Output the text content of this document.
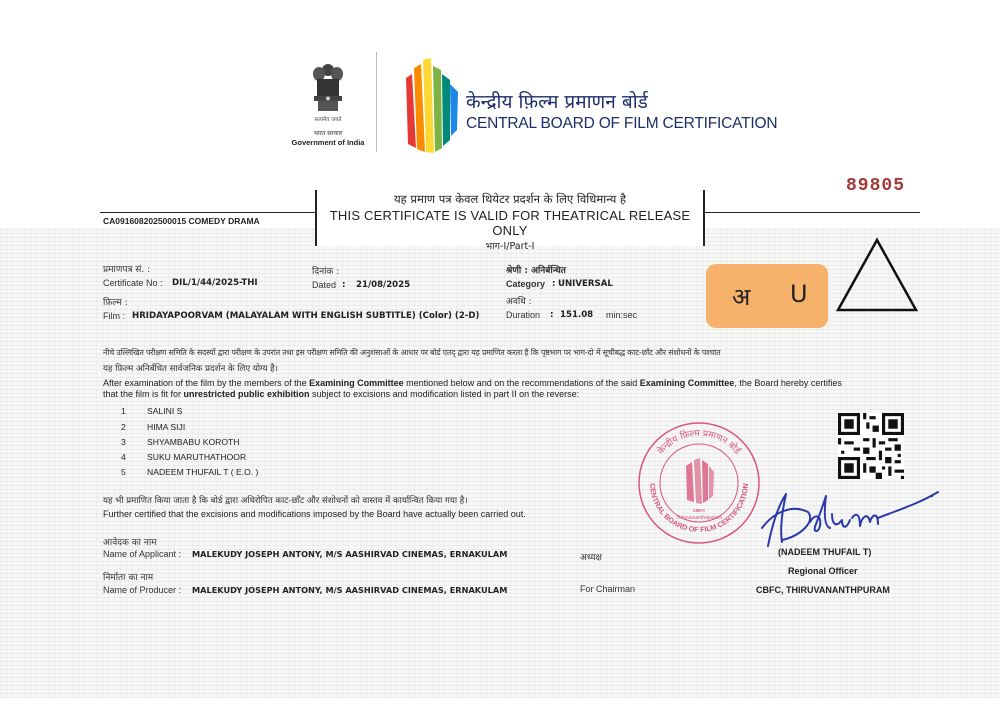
सत्यमेव जयते
भारत सरकार
Government of India
केन्द्रीय फ़िल्म प्रमाणन बोर्ड
CENTRAL BOARD OF FILM CERTIFICATION
89805
CA091608202500015 COMEDY DRAMA
यह प्रमाण पत्र केवल थियेटर प्रदर्शन के लिए विधिमान्य है
THIS CERTIFICATE IS VALID FOR THEATRICAL RELEASE ONLY
भाग-I/Part-I
प्रमाणपत्र सं. :
Certificate No : DIL/1/44/2025-THI
दिनांक :
Dated : 21/08/2025
श्रेणी : अनिर्बन्धित
Category : UNIVERSAL
फ़िल्म :
Film : HRIDAYAPOORVAM (MALAYALAM WITH ENGLISH SUBTITLE) (Color) (2-D)
अवधि :
Duration : 151.08 min:sec
अ U
नीचे उल्लिखित परीक्षण समिति के सदस्यों द्वारा परीक्षण के उपरांत तथा इस परीक्षण समिति की अनुशंसाओं के आधार पर बोर्ड एतद् द्वारा यह प्रमाणित करता है कि पृष्ठभाग पर भाग-दो में सूचीबद्ध काट-छाँट और संशोधनों के पश्चात
यह फ़िल्म अनिर्बंधित सार्वजनिक प्रदर्शन के लिए योग्य है।
After examination of the film by the members of the Examining Committee mentioned below and on the recommendations of the said Examining Committee, the Board hereby certifies
that the film is fit for unrestricted public exhibition subject to excisions and modification listed in part II on the reverse:
1 SALINI S
2 HIMA SIJI
3 SHYAMBABU KOROTH
4 SUKU MARUTHATHOOR
5 NADEEM THUFAIL T ( E.O. )
केन्द्रीय फ़िल्म प्रमाणन बोर्ड
CENTRAL BOARD OF FILM CERTIFICATION
CBFC
Thiruvananthapuram
यह भी प्रमाणित किया जाता है कि बोर्ड द्वारा अधिरोपित काट-छाँट और संशोधनों को वास्तव में कार्यान्वित किया गया है।
Further certified that the excisions and modifications imposed by the Board have actually been carried out.
आवेदक का नाम
Name of Applicant : MALEKUDY JOSEPH ANTONY, M/S AASHIRVAD CINEMAS, ERNAKULAM
निर्माता का नाम
Name of Producer : MALEKUDY JOSEPH ANTONY, M/S AASHIRVAD CINEMAS, ERNAKULAM
अध्यक्ष
For Chairman
(NADEEM THUFAIL T)
Regional Officer
CBFC, THIRUVANANTHPURAM
